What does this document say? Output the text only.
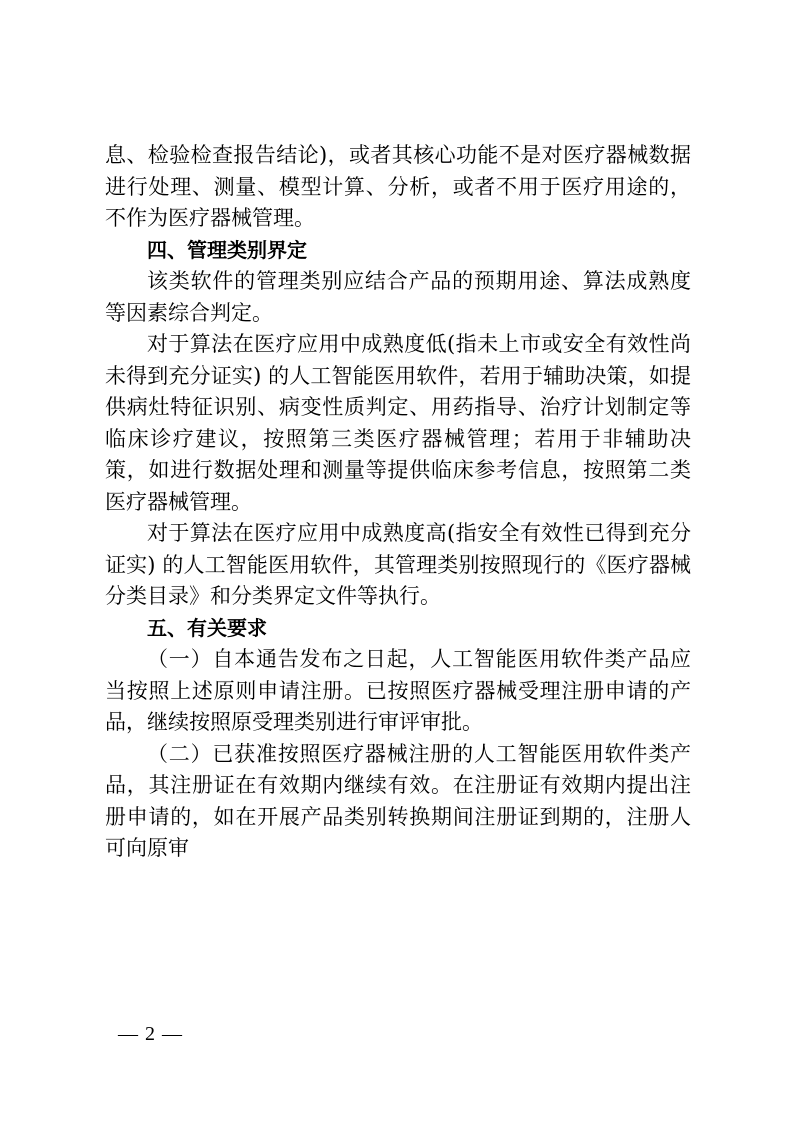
息、检验检查报告结论)，或者其核心功能不是对医疗器械数据进行处理、测量、模型计算、分析，或者不用于医疗用途的，不作为医疗器械管理。

四、管理类别界定

该类软件的管理类别应结合产品的预期用途、算法成熟度等因素综合判定。

对于算法在医疗应用中成熟度低(指未上市或安全有效性尚未得到充分证实) 的人工智能医用软件，若用于辅助决策，如提供病灶特征识别、病变性质判定、用药指导、治疗计划制定等临床诊疗建议，按照第三类医疗器械管理；若用于非辅助决策，如进行数据处理和测量等提供临床参考信息，按照第二类医疗器械管理。

对于算法在医疗应用中成熟度高(指安全有效性已得到充分证实) 的人工智能医用软件，其管理类别按照现行的《医疗器械分类目录》和分类界定文件等执行。

五、有关要求

（一）自本通告发布之日起，人工智能医用软件类产品应当按照上述原则申请注册。已按照医疗器械受理注册申请的产品，继续按照原受理类别进行审评审批。

（二）已获准按照医疗器械注册的人工智能医用软件类产品，其注册证在有效期内继续有效。在注册证有效期内提出注册申请的，如在开展产品类别转换期间注册证到期的，注册人可向原审

— 2 —
